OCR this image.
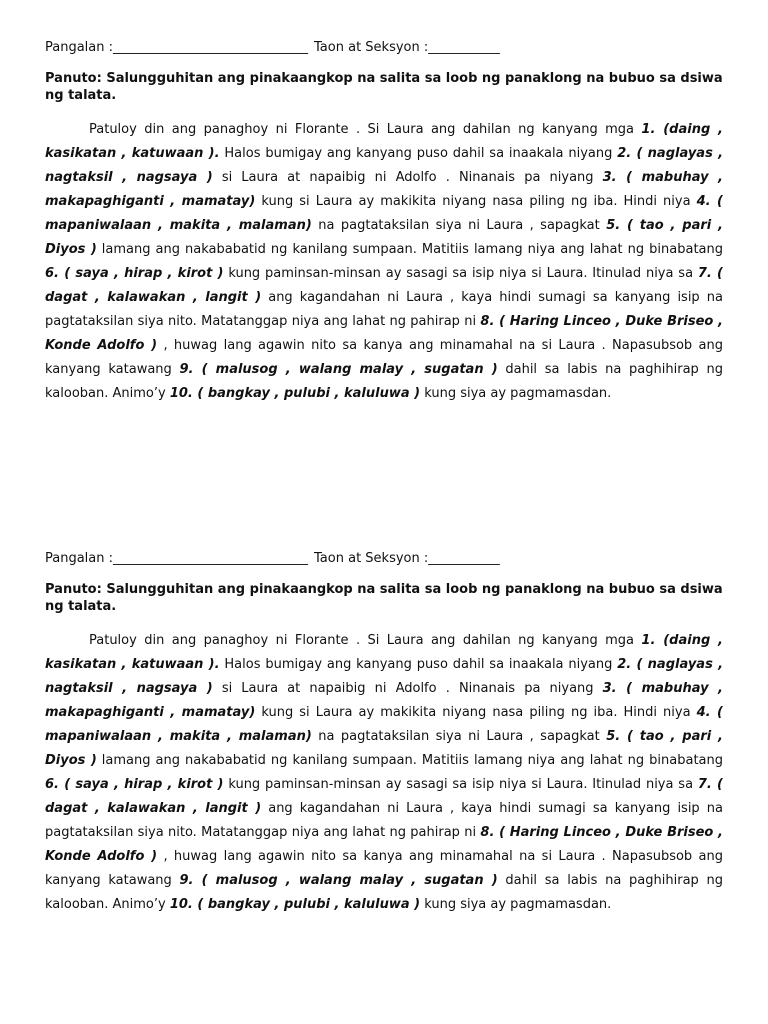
Pangalan :______________________________ Taon at Seksyon :___________
Panuto: Salungguhitan ang pinakaangkop na salita sa loob ng panaklong na bubuo sa dsiwa ng talata.
Patuloy din ang panaghoy ni Florante . Si Laura ang dahilan ng kanyang mga 1. (daing , kasikatan , katuwaan ). Halos bumigay ang kanyang puso dahil sa inaakala niyang 2. ( naglayas , nagtaksil , nagsaya ) si Laura at napaibig ni Adolfo . Ninanais pa niyang 3. ( mabuhay , makapaghiganti , mamatay) kung si Laura ay makikita niyang nasa piling ng iba. Hindi niya 4. ( mapaniwalaan , makita , malaman) na pagtataksilan siya ni Laura , sapagkat 5. ( tao , pari , Diyos ) lamang ang nakababatid ng kanilang sumpaan. Matitiis lamang niya ang lahat ng binabatang 6. ( saya , hirap , kirot ) kung paminsan-minsan ay sasagi sa isip niya si Laura. Itinulad niya sa 7. ( dagat , kalawakan , langit ) ang kagandahan ni Laura , kaya hindi sumagi sa kanyang isip na pagtataksilan siya nito. Matatanggap niya ang lahat ng pahirap ni 8. ( Haring Linceo , Duke Briseo , Konde Adolfo ) , huwag lang agawin nito sa kanya ang minamahal na si Laura . Napasubsob ang kanyang katawang 9. ( malusog , walang malay , sugatan ) dahil sa labis na paghihirap ng kalooban. Animo’y 10. ( bangkay , pulubi , kaluluwa ) kung siya ay pagmamasdan.
Pangalan :______________________________ Taon at Seksyon :___________
Panuto: Salungguhitan ang pinakaangkop na salita sa loob ng panaklong na bubuo sa dsiwa ng talata.
Patuloy din ang panaghoy ni Florante . Si Laura ang dahilan ng kanyang mga 1. (daing , kasikatan , katuwaan ). Halos bumigay ang kanyang puso dahil sa inaakala niyang 2. ( naglayas , nagtaksil , nagsaya ) si Laura at napaibig ni Adolfo . Ninanais pa niyang 3. ( mabuhay , makapaghiganti , mamatay) kung si Laura ay makikita niyang nasa piling ng iba. Hindi niya 4. ( mapaniwalaan , makita , malaman) na pagtataksilan siya ni Laura , sapagkat 5. ( tao , pari , Diyos ) lamang ang nakababatid ng kanilang sumpaan. Matitiis lamang niya ang lahat ng binabatang 6. ( saya , hirap , kirot ) kung paminsan-minsan ay sasagi sa isip niya si Laura. Itinulad niya sa 7. ( dagat , kalawakan , langit ) ang kagandahan ni Laura , kaya hindi sumagi sa kanyang isip na pagtataksilan siya nito. Matatanggap niya ang lahat ng pahirap ni 8. ( Haring Linceo , Duke Briseo , Konde Adolfo ) , huwag lang agawin nito sa kanya ang minamahal na si Laura . Napasubsob ang kanyang katawang 9. ( malusog , walang malay , sugatan ) dahil sa labis na paghihirap ng kalooban. Animo’y 10. ( bangkay , pulubi , kaluluwa ) kung siya ay pagmamasdan.
